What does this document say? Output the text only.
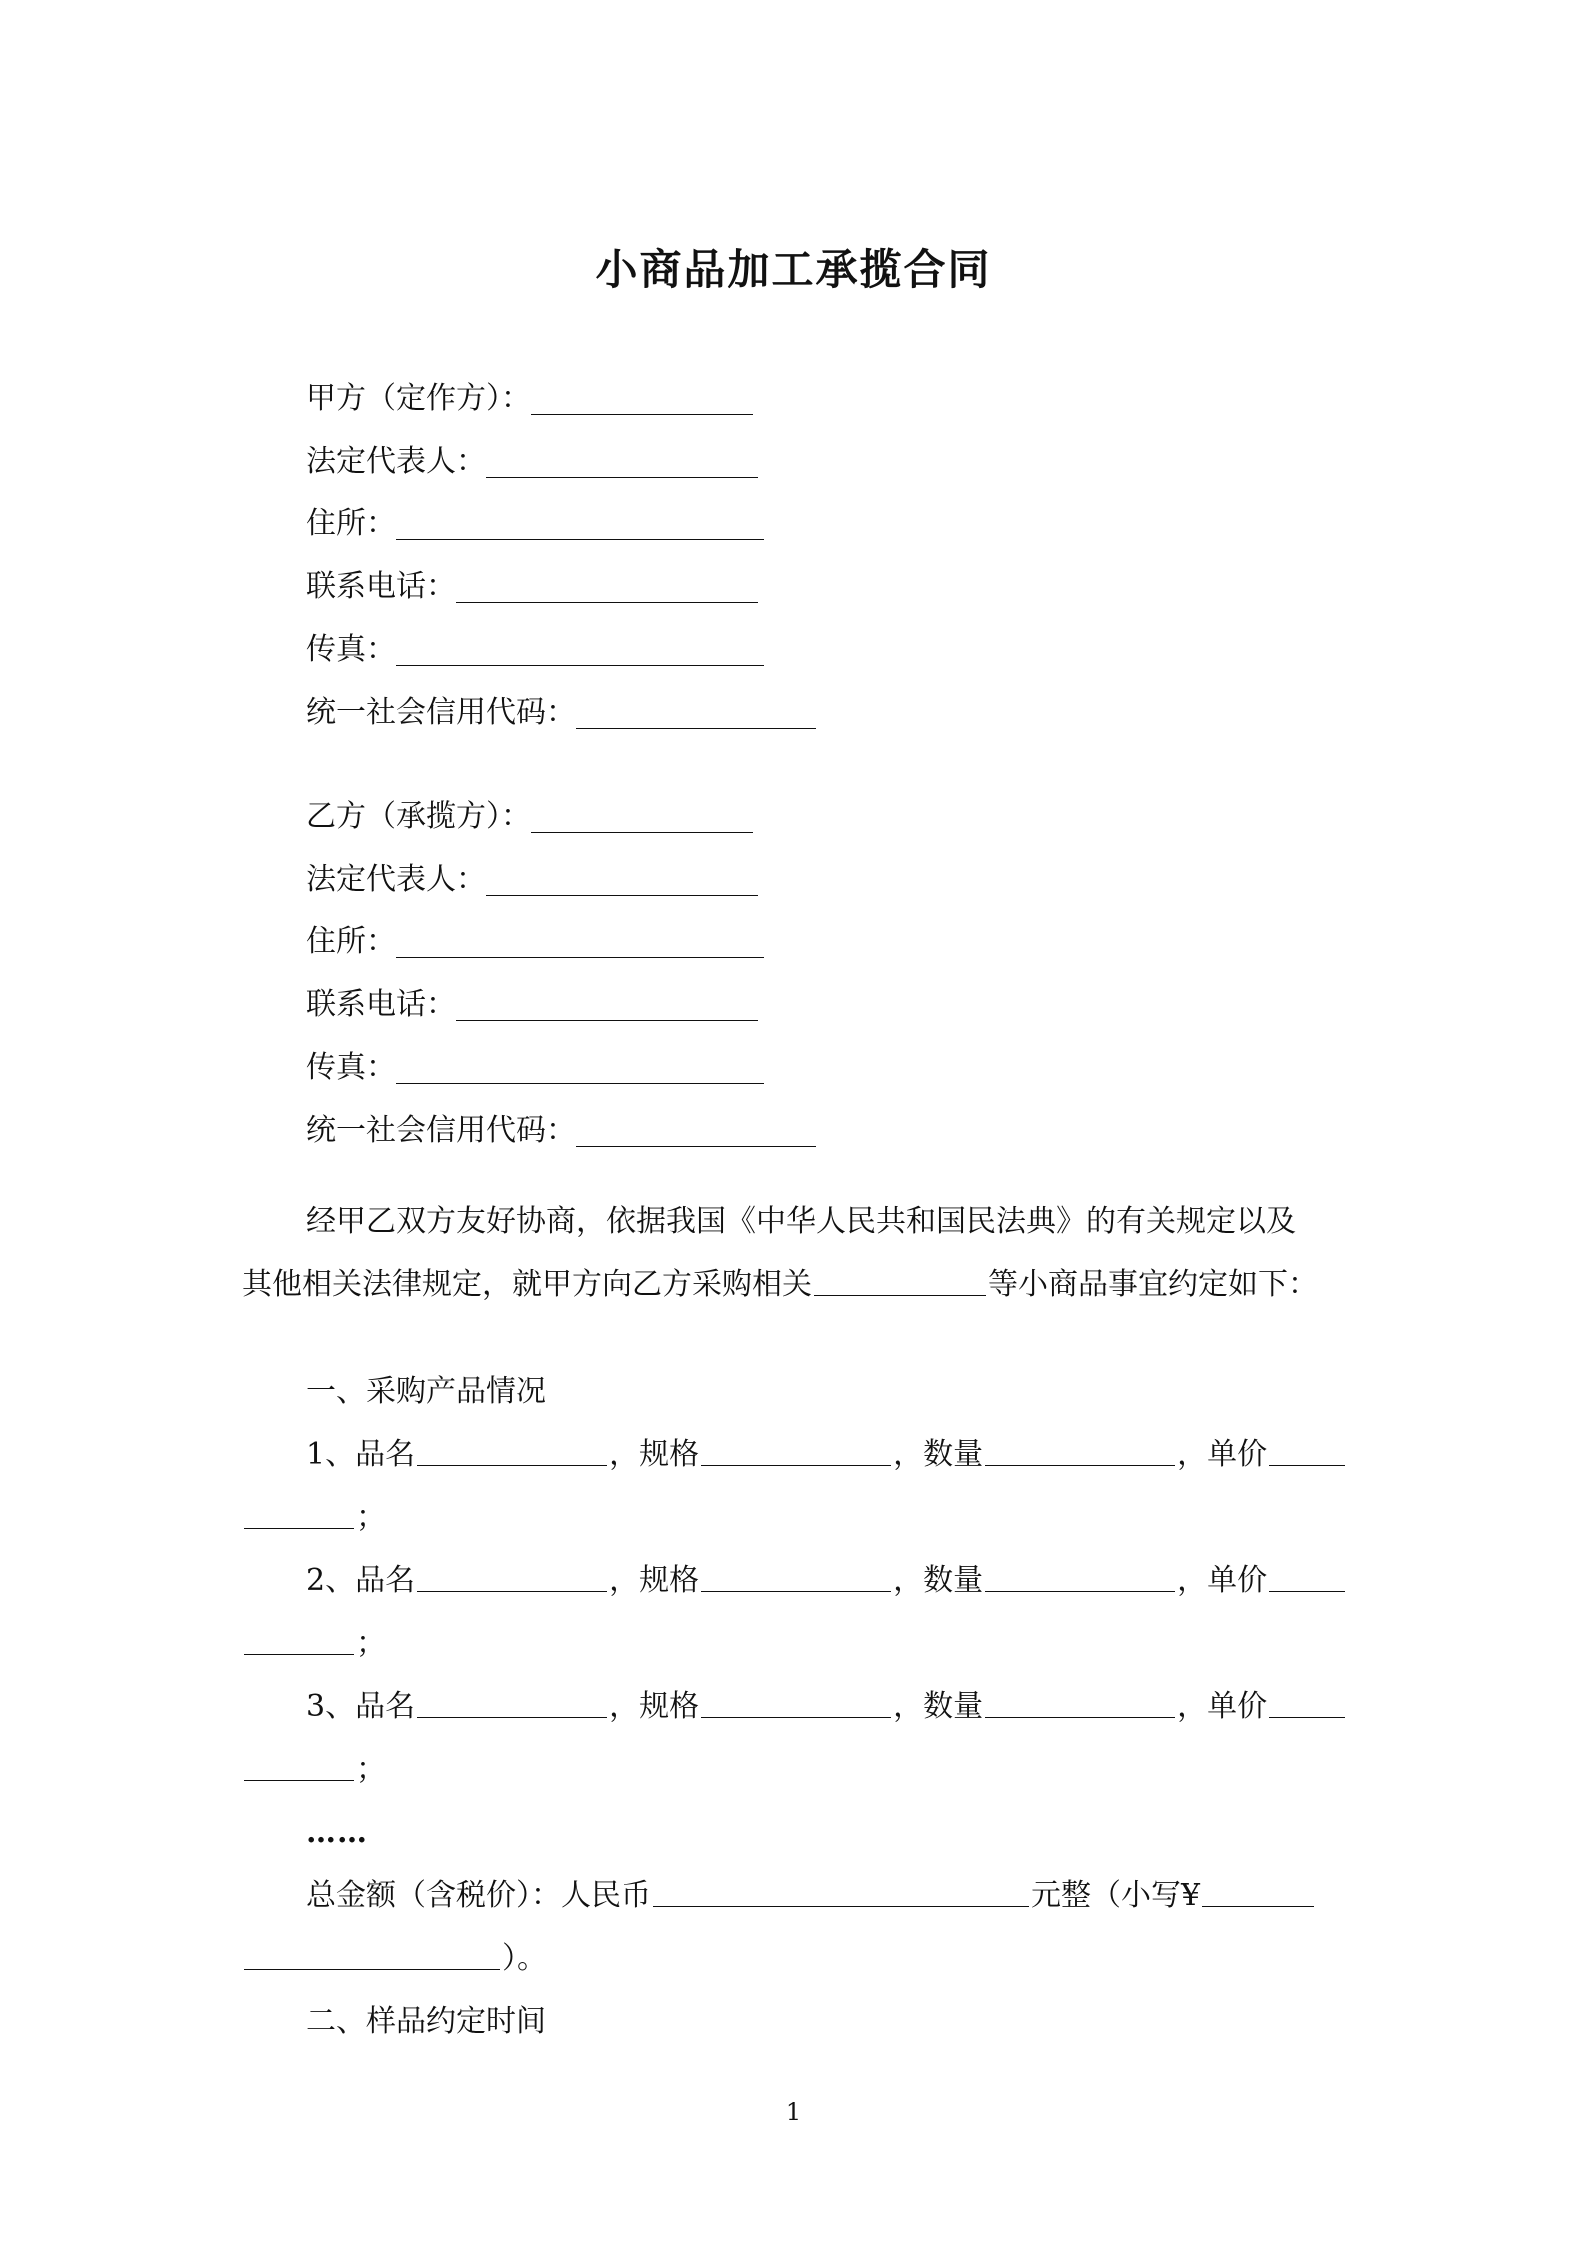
小商品加工承揽合同
甲方（定作方）：
法定代表人：
住所：
联系电话：
传真：
统一社会信用代码：
乙方（承揽方）：
法定代表人：
住所：
联系电话：
传真：
统一社会信用代码：
经甲乙双方友好协商，依据我国《中华人民共和国民法典》的有关规定以及
其他相关法律规定，就甲方向乙方采购相关	等小商品事宜约定如下：
一、采购产品情况
1、品名	，规格	，数量	，单价
；
2、品名	，规格	，数量	，单价
；
3、品名	，规格	，数量	，单价
；
……
总金额（含税价）：人民币	元整（小写¥
）。
二、样品约定时间
1
